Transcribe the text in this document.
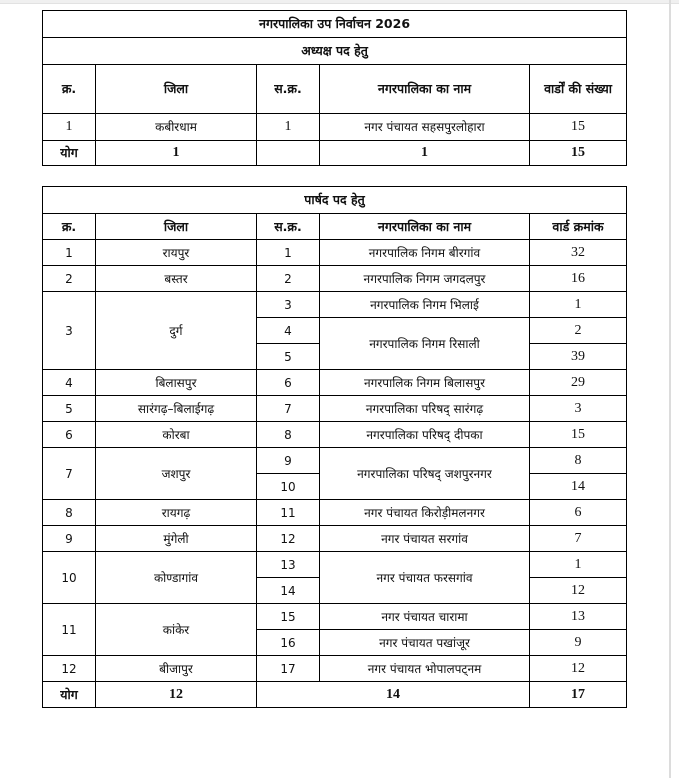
नगरपालिका उप निर्वाचन 2026				
अध्यक्ष पद हेतु				
क्र.	जिला	स.क्र.	नगरपालिका का नाम	वार्डों की संख्या
1	कबीरधाम	1	नगर पंचायत सहसपुरलोहारा	15
योग	1		1	15
पार्षद पद हेतु				
क्र.	जिला	स.क्र.	नगरपालिका का नाम	वार्ड क्रमांक
1	रायपुर	1	नगरपालिक निगम बीरगांव	32
2	बस्तर	2	नगरपालिक निगम जगदलपुर	16
3	दुर्ग	3	नगरपालिक निगम भिलाई	1
		4	नगरपालिक निगम रिसाली	2
		5		39
4	बिलासपुर	6	नगरपालिक निगम बिलासपुर	29
5	सारंगढ़–बिलाईगढ़	7	नगरपालिका परिषद् सारंगढ़	3
6	कोरबा	8	नगरपालिका परिषद् दीपका	15
7	जशपुर	9	नगरपालिका परिषद् जशपुरनगर	8
		10		14
8	रायगढ़	11	नगर पंचायत किरोड़ीमलनगर	6
9	मुंगेली	12	नगर पंचायत सरगांव	7
10	कोण्डागांव	13	नगर पंचायत फरसगांव	1
		14		12
11	कांकेर	15	नगर पंचायत चारामा	13
		16	नगर पंचायत पखांजूर	9
12	बीजापुर	17	नगर पंचायत भोपालपट्नम	12
योग	12	14		17
